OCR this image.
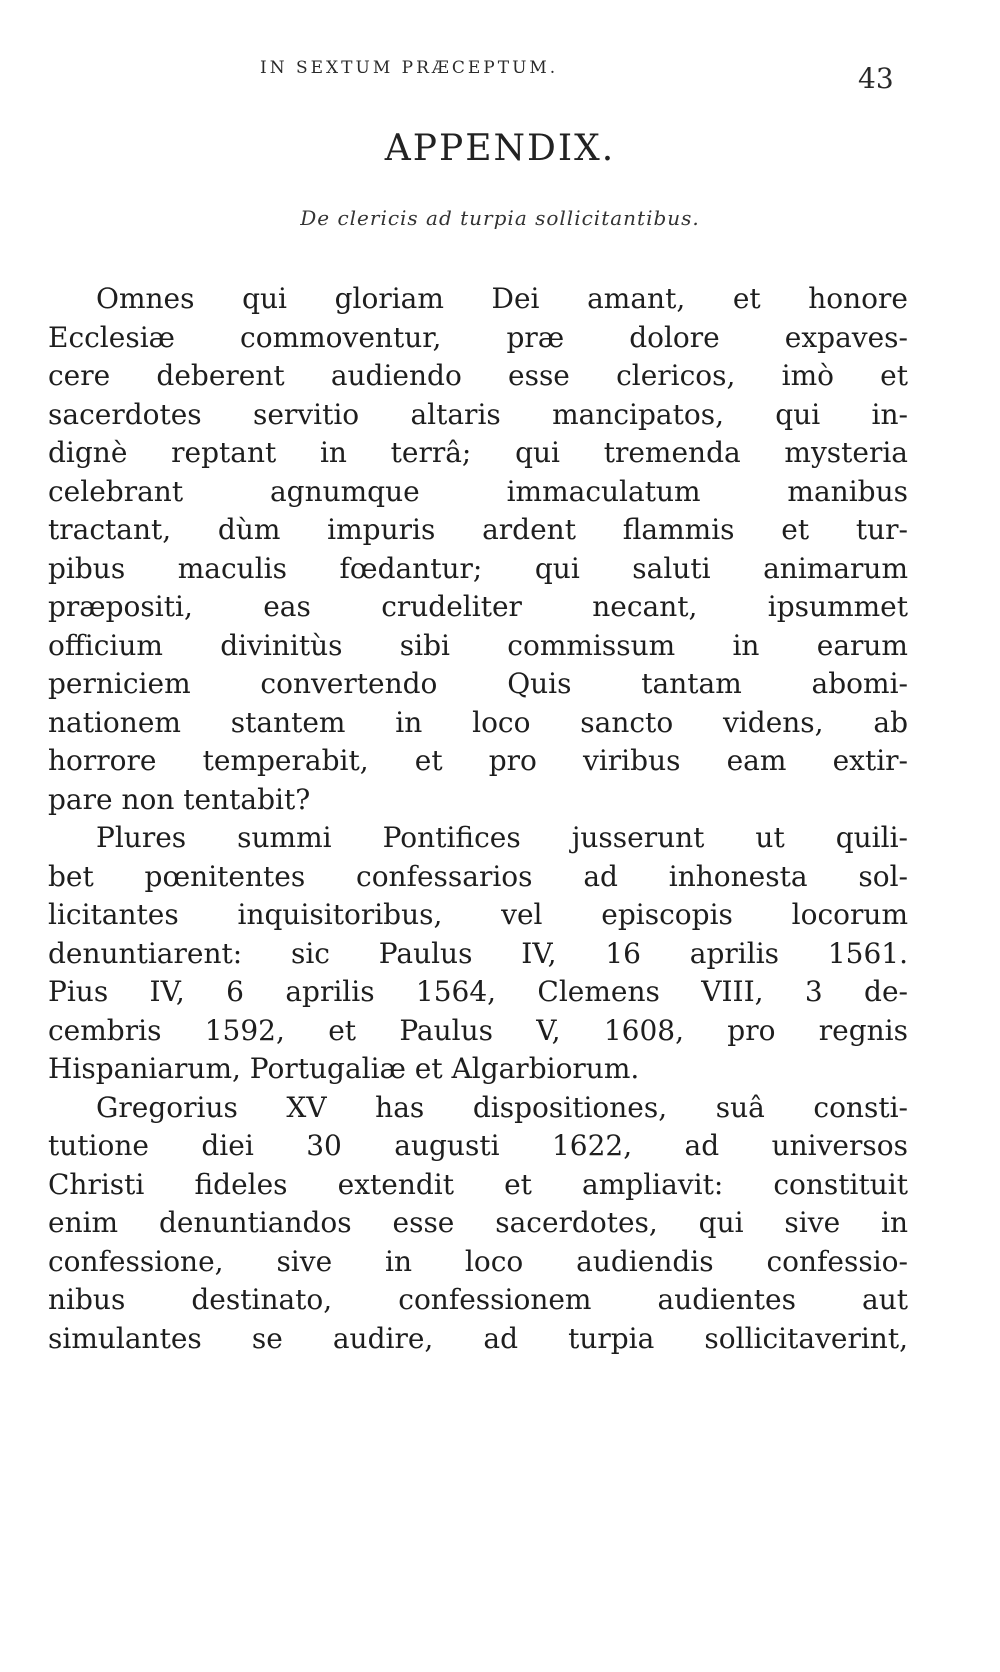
IN SEXTUM PRÆCEPTUM.	43
APPENDIX.
De clericis ad turpia sollicitantibus.
Omnes qui gloriam Dei amant, et honore
Ecclesiæ commoventur, præ dolore expaves-
cere deberent audiendo esse clericos, imò et
sacerdotes servitio altaris mancipatos, qui in-
dignè reptant in terrâ; qui tremenda mysteria
celebrant agnumque immaculatum manibus
tractant, dùm impuris ardent flammis et tur-
pibus maculis fœdantur; qui saluti animarum
præpositi, eas crudeliter necant, ipsummet
officium divinitùs sibi commissum in earum
perniciem convertendo Quis tantam abomi-
nationem stantem in loco sancto videns, ab
horrore temperabit, et pro viribus eam extir-
pare non tentabit?
Plures summi Pontifices jusserunt ut quili-
bet pœnitentes confessarios ad inhonesta sol-
licitantes inquisitoribus, vel episcopis locorum
denuntiarent: sic Paulus IV, 16 aprilis 1561.
Pius IV, 6 aprilis 1564, Clemens VIII, 3 de-
cembris 1592, et Paulus V, 1608, pro regnis
Hispaniarum, Portugaliæ et Algarbiorum.
Gregorius XV has dispositiones, suâ consti-
tutione diei 30 augusti 1622, ad universos
Christi fideles extendit et ampliavit: constituit
enim denuntiandos esse sacerdotes, qui sive in
confessione, sive in loco audiendis confessio-
nibus destinato, confessionem audientes aut
simulantes se audire, ad turpia sollicitaverint,
